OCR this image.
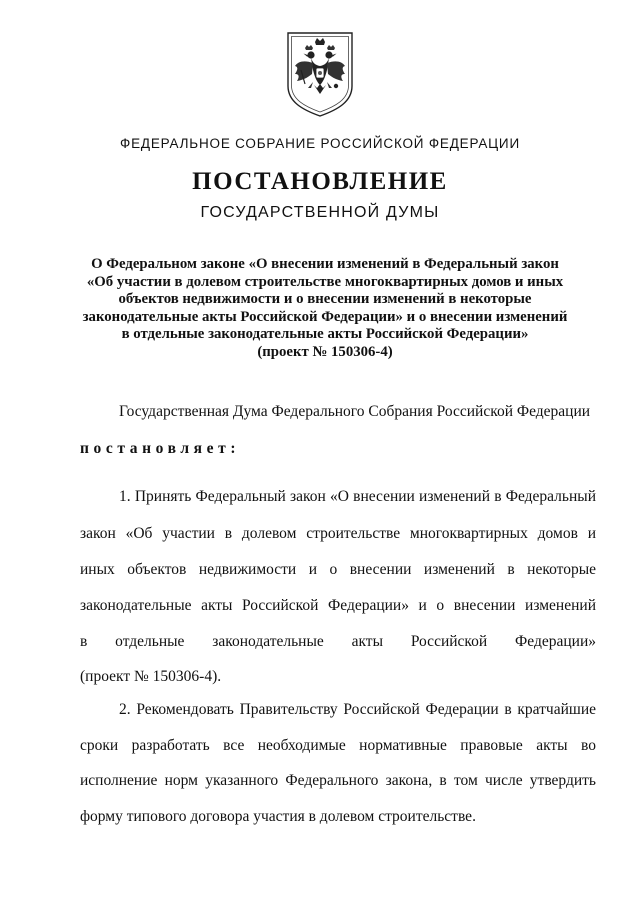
ФЕДЕРАЛЬНОЕ СОБРАНИЕ РОССИЙСКОЙ ФЕДЕРАЦИИ
ПОСТАНОВЛЕНИЕ
ГОСУДАРСТВЕННОЙ ДУМЫ
О Федеральном законе «О внесении изменений в Федеральный закон
«Об участии в долевом строительстве многоквартирных домов и иных
объектов недвижимости и о внесении изменений в некоторые
законодательные акты Российской Федерации» и о внесении изменений
в отдельные законодательные акты Российской Федерации»
(проект № 150306-4)
Государственная Дума Федерального Собрания Российской Федерации
постановляет:
1. Принять Федеральный закон «О внесении изменений в Федеральный
закон «Об участии в долевом строительстве многоквартирных домов и
иных объектов недвижимости и о внесении изменений в некоторые
законодательные акты Российской Федерации» и о внесении изменений
в отдельные законодательные акты Российской Федерации»
(проект № 150306-4).
2. Рекомендовать Правительству Российской Федерации в кратчайшие
сроки разработать все необходимые нормативные правовые акты во
исполнение норм указанного Федерального закона, в том числе утвердить
форму типового договора участия в долевом строительстве.
